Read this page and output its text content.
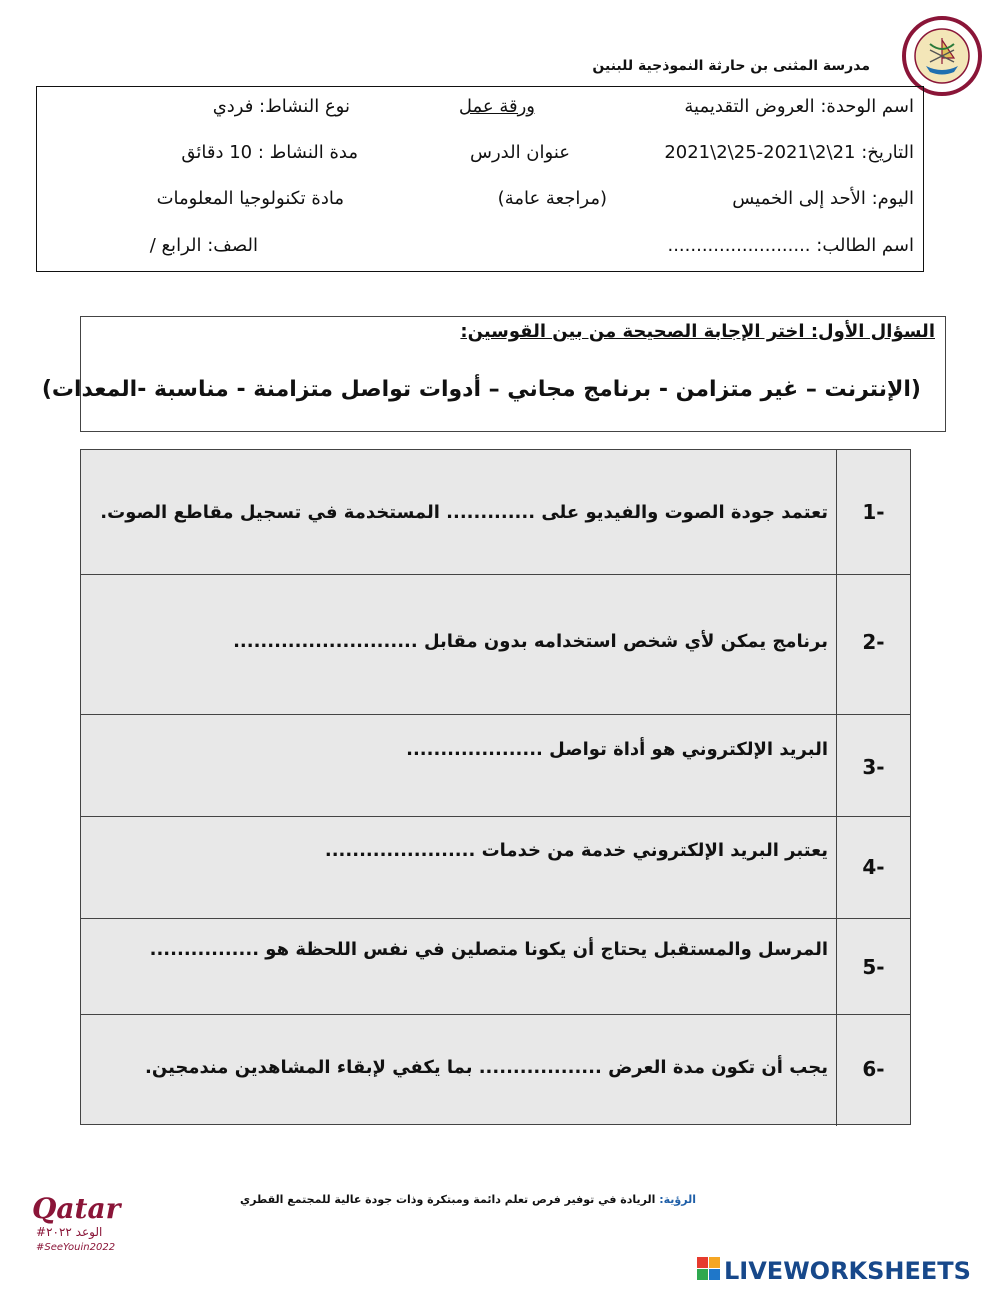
مدرسة المثنى بن حارثة النموذجية للبنين
اسم الوحدة: العروض التقديمية
ورقة عمل
نوع النشاط: فردي
التاريخ: 21\2\2021-25\2\2021
عنوان الدرس
مدة النشاط : 10 دقائق
اليوم: الأحد إلى الخميس
(مراجعة عامة)
مادة تكنولوجيا المعلومات
اسم الطالب: .........................
الصف: الرابع /
السؤال الأول: اختر الإجابة الصحيحة من بين القوسين:
(الإنترنت – غير متزامن - برنامج مجاني – أدوات تواصل متزامنة - مناسبة -المعدات)
1-
تعتمد جودة الصوت والفيديو على ............. المستخدمة في تسجيل مقاطع الصوت.
2-
برنامج يمكن لأي شخص استخدامه بدون مقابل ...........................
3-
البريد الإلكتروني هو أداة تواصل ....................
4-
يعتبر البريد الإلكتروني خدمة من خدمات ......................
5-
المرسل والمستقبل يحتاج أن يكونا متصلين في نفس اللحظة هو ................
6-
يجب أن تكون مدة العرض .................. بما يكفي لإبقاء المشاهدين مندمجين.
الرؤية: الريادة في توفير فرص تعلم دائمة ومبتكرة وذات جودة عالية للمجتمع القطري
Qatar
#الوعد ٢٠٢٢
#SeeYouin2022
LIVEWORKSHEETS
